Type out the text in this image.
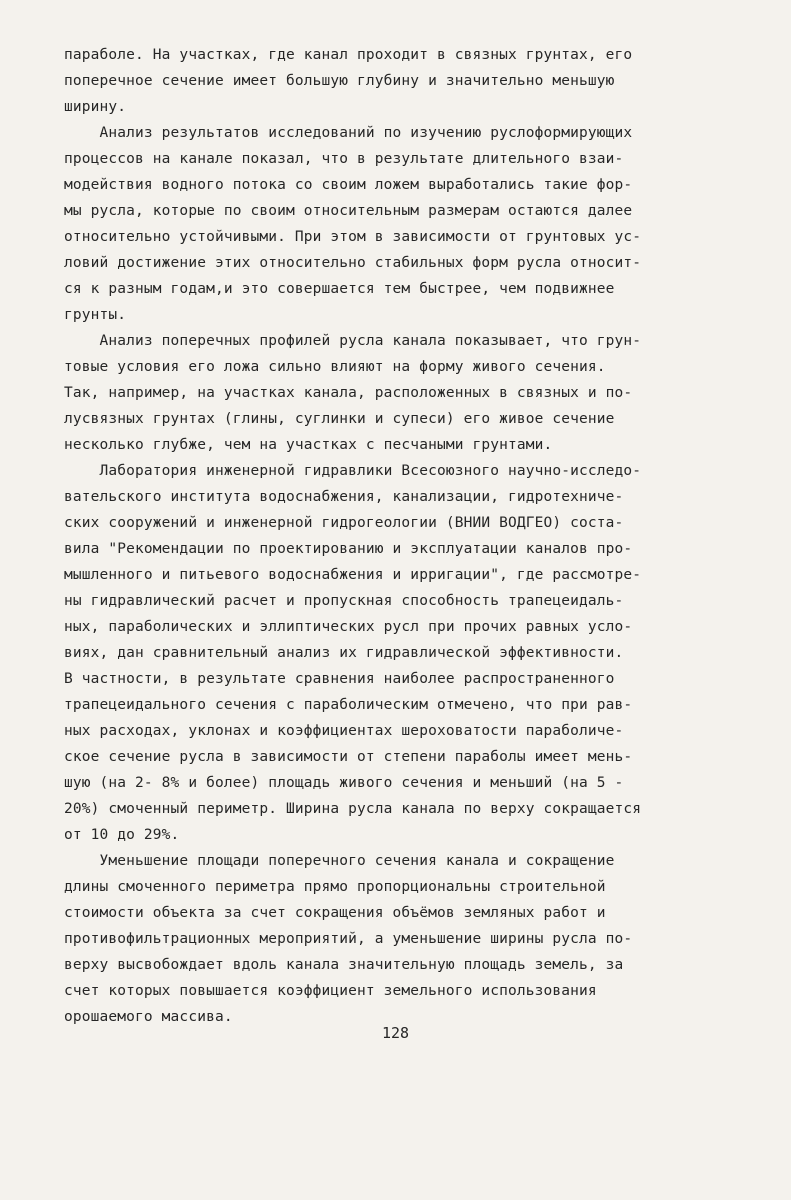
параболе. На участках, где канал проходит в связных грунтах, его
поперечное сечение имеет большую глубину и значительно меньшую
ширину.
Анализ результатов исследований по изучению руслоформирующих
процессов на канале показал, что в результате длительного взаи-
модействия водного потока со своим ложем выработались такие фор-
мы русла, которые по своим относительным размерам остаются далее
относительно устойчивыми. При этом в зависимости от грунтовых ус-
ловий достижение этих относительно стабильных форм русла относит-
ся к разным годам,и это совершается тем быстрее, чем подвижнее
грунты.
Анализ поперечных профилей русла канала показывает, что грун-
товые условия его ложа сильно влияют на форму живого сечения.
Так, например, на участках канала, расположенных в связных и по-
лусвязных грунтах (глины, суглинки и супеси) его живое сечение
несколько глубже, чем на участках с песчаными грунтами.
Лаборатория инженерной гидравлики Всесоюзного научно-исследо-
вательского института водоснабжения, канализации, гидротехниче-
ских сооружений и инженерной гидрогеологии (ВНИИ ВОДГЕО) соста-
вила "Рекомендации по проектированию и эксплуатации каналов про-
мышленного и питьевого водоснабжения и ирригации", где рассмотре-
ны гидравлический расчет и пропускная способность трапецеидаль-
ных, параболических и эллиптических русл при прочих равных усло-
виях, дан сравнительный анализ их гидравлической эффективности.
В частности, в результате сравнения наиболее распространенного
трапецеидального сечения с параболическим отмечено, что при рав-
ных расходах, уклонах и коэффициентах шероховатости параболиче-
ское сечение русла в зависимости от степени параболы имеет мень-
шую (на 2- 8% и более) площадь живого сечения и меньший (на 5 -
20%) смоченный периметр. Ширина русла канала по верху сокращается
от 10 до 29%.
Уменьшение площади поперечного сечения канала и сокращение
длины смоченного периметра прямо пропорциональны строительной
стоимости объекта за счет сокращения объёмов земляных работ и
противофильтрационных мероприятий, а уменьшение ширины русла по-
верху высвобождает вдоль канала значительную площадь земель, за
счет которых повышается коэффициент земельного использования
орошаемого массива.
128
